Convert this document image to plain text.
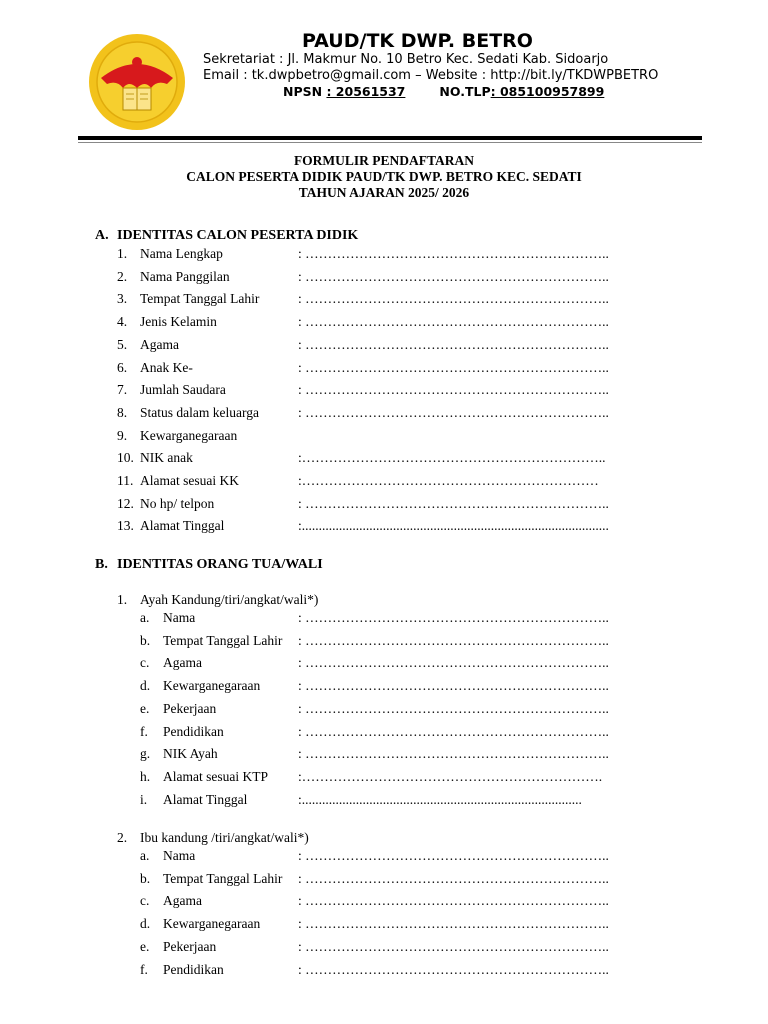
PAUD/TK DWP. BETRO
Sekretariat : Jl. Makmur No. 10 Betro Kec. Sedati Kab. Sidoarjo
Email : tk.dwpbetro@gmail.com – Website : http://bit.ly/TKDWPBETRO
NPSN : 20561537	NO.TLP: 085100957899
FORMULIR PENDAFTARAN
CALON PESERTA DIDIK PAUD/TK DWP. BETRO KEC. SEDATI
TAHUN AJARAN 2025/ 2026
A. IDENTITAS CALON PESERTA DIDIK
1. Nama Lengkap	: …………………………………………………………..
2. Nama Panggilan	: …………………………………………………………..
3. Tempat Tanggal Lahir	: …………………………………………………………..
4. Jenis Kelamin	: …………………………………………………………..
5. Agama	: …………………………………………………………..
6. Anak Ke-	: …………………………………………………………..
7. Jumlah Saudara	: …………………………………………………………..
8. Status dalam keluarga	: …………………………………………………………..
9. Kewarganegaraan
10. NIK anak	:…………………………………………………………..
11. Alamat sesuai KK	:…………………………………………………………
12. No hp/ telpon	: …………………………………………………………..
13. Alamat Tinggal	:...........................................................................................
B. IDENTITAS ORANG TUA/WALI
1. Ayah Kandung/tiri/angkat/wali*)
a. Nama	: …………………………………………………………..
b. Tempat Tanggal Lahir : …………………………………………………………..
c. Agama	: …………………………………………………………..
d. Kewarganegaraan	: …………………………………………………………..
e. Pekerjaan	: …………………………………………………………..
f. Pendidikan	: …………………………………………………………..
g. NIK Ayah	: …………………………………………………………..
h. Alamat sesuai KTP :………………………………………………………….
i. Alamat Tinggal	:...................................................................................
2. Ibu kandung /tiri/angkat/wali*)
a. Nama	: …………………………………………………………..
b. Tempat Tanggal Lahir : …………………………………………………………..
c. Agama	: …………………………………………………………..
d. Kewarganegaraan	: …………………………………………………………..
e. Pekerjaan	: …………………………………………………………..
f. Pendidikan	: …………………………………………………………..
